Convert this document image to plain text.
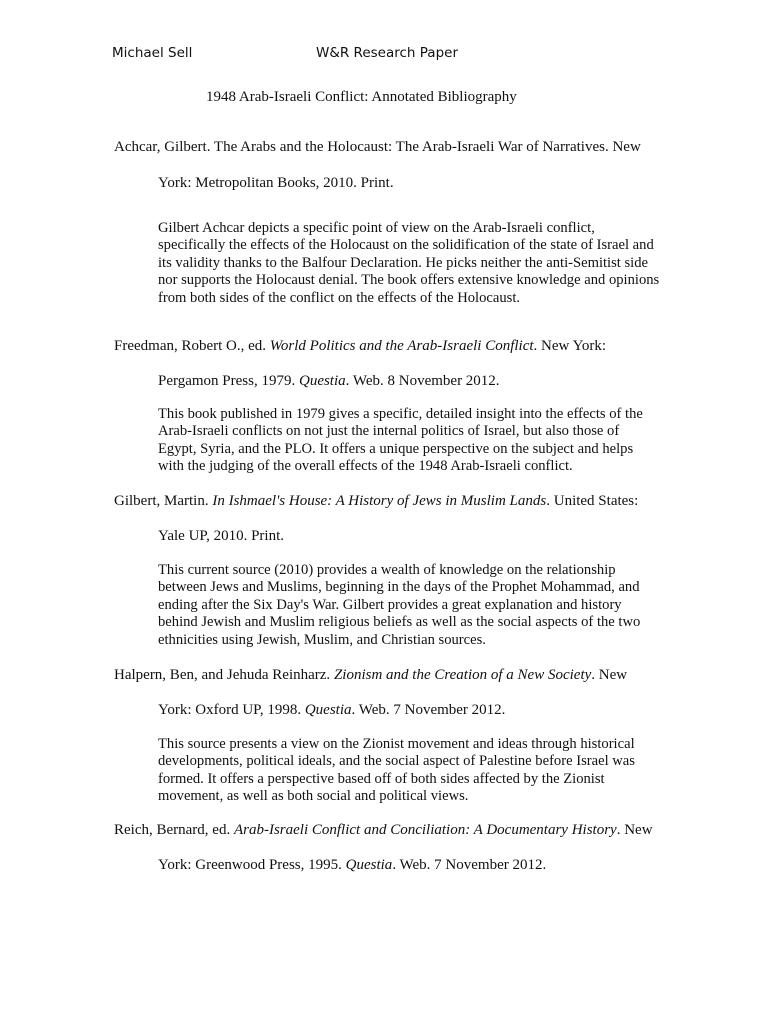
Michael Sell	W&R Research Paper
1948 Arab-Israeli Conflict: Annotated Bibliography
Achcar, Gilbert. The Arabs and the Holocaust: The Arab-Israeli War of Narratives. New
York: Metropolitan Books, 2010. Print.

Gilbert Achcar depicts a specific point of view on the Arab-Israeli conflict, specifically the effects of the Holocaust on the solidification of the state of Israel and its validity thanks to the Balfour Declaration. He picks neither the anti-Semitist side nor supports the Holocaust denial. The book offers extensive knowledge and opinions from both sides of the conflict on the effects of the Holocaust.

Freedman, Robert O., ed. World Politics and the Arab-Israeli Conflict. New York:
Pergamon Press, 1979. Questia. Web. 8 November 2012.

This book published in 1979 gives a specific, detailed insight into the effects of the Arab-Israeli conflicts on not just the internal politics of Israel, but also those of Egypt, Syria, and the PLO. It offers a unique perspective on the subject and helps with the judging of the overall effects of the 1948 Arab-Israeli conflict.

Gilbert, Martin. In Ishmael's House: A History of Jews in Muslim Lands. United States:
Yale UP, 2010. Print.

This current source (2010) provides a wealth of knowledge on the relationship between Jews and Muslims, beginning in the days of the Prophet Mohammad, and ending after the Six Day's War. Gilbert provides a great explanation and history behind Jewish and Muslim religious beliefs as well as the social aspects of the two ethnicities using Jewish, Muslim, and Christian sources.

Halpern, Ben, and Jehuda Reinharz. Zionism and the Creation of a New Society. New
York: Oxford UP, 1998. Questia. Web. 7 November 2012.

This source presents a view on the Zionist movement and ideas through historical developments, political ideals, and the social aspect of Palestine before Israel was formed. It offers a perspective based off of both sides affected by the Zionist movement, as well as both social and political views.

Reich, Bernard, ed. Arab-Israeli Conflict and Conciliation: A Documentary History. New
York: Greenwood Press, 1995. Questia. Web. 7 November 2012.
